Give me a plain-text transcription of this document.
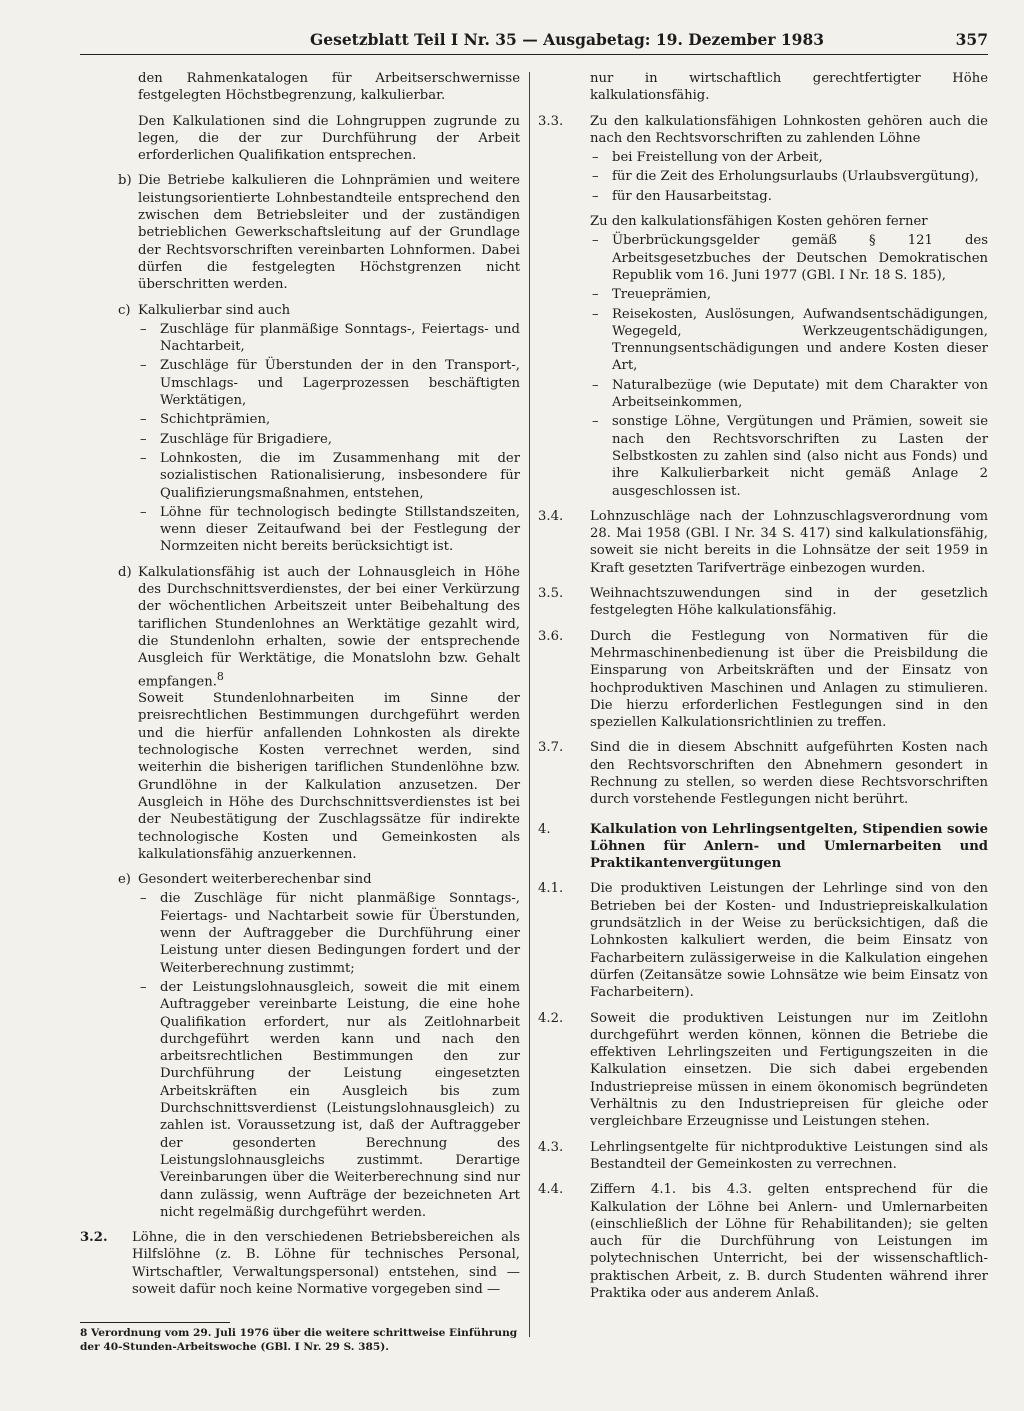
Gesetzblatt Teil I Nr. 35 — Ausgabetag: 19. Dezember 1983	357

den Rahmenkatalogen für Arbeitserschwernisse festgelegten Höchstbegrenzung, kalkulierbar.

Den Kalkulationen sind die Lohngruppen zugrunde zu legen, die der zur Durchführung der Arbeit erforderlichen Qualifikation entsprechen.

b) Die Betriebe kalkulieren die Lohnprämien und weitere leistungsorientierte Lohnbestandteile entsprechend den zwischen dem Betriebsleiter und der zuständigen betrieblichen Gewerkschaftsleitung auf der Grundlage der Rechtsvorschriften vereinbarten Lohnformen. Dabei dürfen die festgelegten Höchstgrenzen nicht überschritten werden.

c) Kalkulierbar sind auch

– Zuschläge für planmäßige Sonntags-, Feiertags- und Nachtarbeit,
– Zuschläge für Überstunden der in den Transport-, Umschlags- und Lagerprozessen beschäftigten Werktätigen,
– Schichtprämien,
– Zuschläge für Brigadiere,
– Lohnkosten, die im Zusammenhang mit der sozialistischen Rationalisierung, insbesondere für Qualifizierungsmaßnahmen, entstehen,
– Löhne für technologisch bedingte Stillstandszeiten, wenn dieser Zeitaufwand bei der Festlegung der Normzeiten nicht bereits berücksichtigt ist.
d) Kalkulationsfähig ist auch der Lohnausgleich in Höhe des Durchschnittsverdienstes, der bei einer Verkürzung der wöchentlichen Arbeitszeit unter Beibehaltung des tariflichen Stundenlohnes an Werktätige gezahlt wird, die Stundenlohn erhalten, sowie der entsprechende Ausgleich für Werktätige, die Monatslohn bzw. Gehalt empfangen.$^8$

Soweit Stundenlohnarbeiten im Sinne der preisrechtlichen Bestimmungen durchgeführt werden und die hierfür anfallenden Lohnkosten als direkte technologische Kosten verrechnet werden, sind weiterhin die bisherigen tariflichen Stundenlöhne bzw. Grundlöhne in der Kalkulation anzusetzen. Der Ausgleich in Höhe des Durchschnittsverdienstes ist bei der Neubestätigung der Zuschlagssätze für indirekte technologische Kosten und Gemeinkosten als kalkulationsfähig anzuerkennen.

e) Gesondert weiterberechenbar sind

– die Zuschläge für nicht planmäßige Sonntags-, Feiertags- und Nachtarbeit sowie für Überstunden, wenn der Auftraggeber die Durchführung einer Leistung unter diesen Bedingungen fordert und der Weiterberechnung zustimmt;
– der Leistungslohnausgleich, soweit die mit einem Auftraggeber vereinbarte Leistung, die eine hohe Qualifikation erfordert, nur als Zeitlohnarbeit durchgeführt werden kann und nach den arbeitsrechtlichen Bestimmungen den zur Durchführung der Leistung eingesetzten Arbeitskräften ein Ausgleich bis zum Durchschnittsverdienst (Leistungslohnausgleich) zu zahlen ist. Voraussetzung ist, daß der Auftraggeber der gesonderten Berechnung des Leistungslohnausgleichs zustimmt. Derartige Vereinbarungen über die Weiterberechnung sind nur dann zulässig, wenn Aufträge der bezeichneten Art nicht regelmäßig durchgeführt werden.
3.2. Löhne, die in den verschiedenen Betriebsbereichen als Hilfslöhne (z. B. Löhne für technisches Personal, Wirtschaftler, Verwaltungspersonal) entstehen, sind — soweit dafür noch keine Normative vorgegeben sind —

nur in wirtschaftlich gerechtfertigter Höhe kalkulationsfähig.

3.3. Zu den kalkulationsfähigen Lohnkosten gehören auch die nach den Rechtsvorschriften zu zahlenden Löhne

– bei Freistellung von der Arbeit,
– für die Zeit des Erholungsurlaubs (Urlaubsvergütung),
– für den Hausarbeitstag.

Zu den kalkulationsfähigen Kosten gehören ferner

– Überbrückungsgelder gemäß § 121 des Arbeitsgesetzbuches der Deutschen Demokratischen Republik vom 16. Juni 1977 (GBl. I Nr. 18 S. 185),
– Treueprämien,
– Reisekosten, Auslösungen, Aufwandsentschädigungen, Wegegeld, Werkzeugentschädigungen, Trennungsentschädigungen und andere Kosten dieser Art,
– Naturalbezüge (wie Deputate) mit dem Charakter von Arbeitseinkommen,
– sonstige Löhne, Vergütungen und Prämien, soweit sie nach den Rechtsvorschriften zu Lasten der Selbstkosten zu zahlen sind (also nicht aus Fonds) und ihre Kalkulierbarkeit nicht gemäß Anlage 2 ausgeschlossen ist.
3.4. Lohnzuschläge nach der Lohnzuschlagsverordnung vom 28. Mai 1958 (GBl. I Nr. 34 S. 417) sind kalkulationsfähig, soweit sie nicht bereits in die Lohnsätze der seit 1959 in Kraft gesetzten Tarifverträge einbezogen wurden.

3.5. Weihnachtszuwendungen sind in der gesetzlich festgelegten Höhe kalkulationsfähig.

3.6. Durch die Festlegung von Normativen für die Mehrmaschinenbedienung ist über die Preisbildung die Einsparung von Arbeitskräften und der Einsatz von hochproduktiven Maschinen und Anlagen zu stimulieren. Die hierzu erforderlichen Festlegungen sind in den speziellen Kalkulationsrichtlinien zu treffen.

3.7. Sind die in diesem Abschnitt aufgeführten Kosten nach den Rechtsvorschriften den Abnehmern gesondert in Rechnung zu stellen, so werden diese Rechtsvorschriften durch vorstehende Festlegungen nicht berührt.

4.	Kalkulation von Lehrlingsentgelten, Stipendien sowie Löhnen für Anlern- und Umlernarbeiten und Praktikantenvergütungen

4.1. Die produktiven Leistungen der Lehrlinge sind von den Betrieben bei der Kosten- und Industriepreiskalkulation grundsätzlich in der Weise zu berücksichtigen, daß die Lohnkosten kalkuliert werden, die beim Einsatz von Facharbeitern zulässigerweise in die Kalkulation eingehen dürfen (Zeitansätze sowie Lohnsätze wie beim Einsatz von Facharbeitern).

4.2. Soweit die produktiven Leistungen nur im Zeitlohn durchgeführt werden können, können die Betriebe die effektiven Lehrlingszeiten und Fertigungszeiten in die Kalkulation einsetzen. Die sich dabei ergebenden Industriepreise müssen in einem ökonomisch begründeten Verhältnis zu den Industriepreisen für gleiche oder vergleichbare Erzeugnisse und Leistungen stehen.

4.3. Lehrlingsentgelte für nichtproduktive Leistungen sind als Bestandteil der Gemeinkosten zu verrechnen.

4.4. Ziffern 4.1. bis 4.3. gelten entsprechend für die Kalkulation der Löhne bei Anlern- und Umlernarbeiten (einschließlich der Löhne für Rehabilitanden); sie gelten auch für die Durchführung von Leistungen im polytechnischen Unterricht, bei der wissenschaftlich-praktischen Arbeit, z. B. durch Studenten während ihrer Praktika oder aus anderem Anlaß.

8 Verordnung vom 29. Juli 1976 über die weitere schrittweise Einführung der 40-Stunden-Arbeitswoche (GBl. I Nr. 29 S. 385).
